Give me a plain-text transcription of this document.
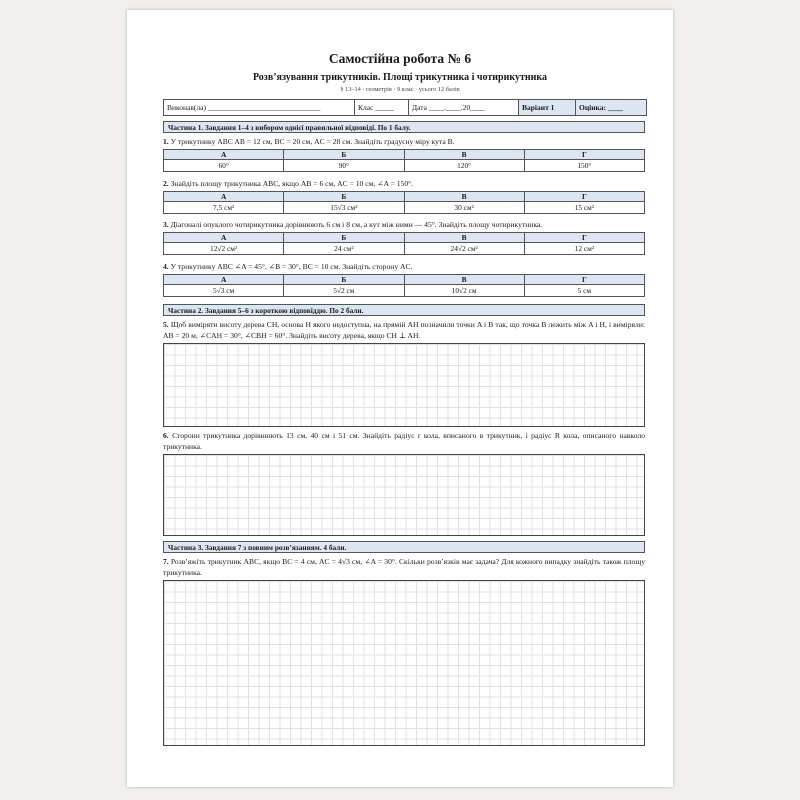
Самостійна робота № 6
Розв’язування трикутників. Площі трикутника і чотирикутника
§ 13–14 · геометрія · 9 клас · усього 12 балів
Виконав(ла) ______________________________	Клас _____	Дата ____.____.20____	Варіант 1	Оцінка: ____
Частина 1. Завдання 1–4 з вибором однієї правильної відповіді. По 1 балу.
1. У трикутнику ABC AB = 12 см, BC = 20 см, AC = 28 см. Знайдіть градусну міру кута B.
А	Б	В	Г
60°	90°	120°	150°
2. Знайдіть площу трикутника ABC, якщо AB = 6 см, AC = 10 см, ∠A = 150°.
А	Б	В	Г
7,5 см²	15√3 см²	30 см²	15 см²
3. Діагоналі опуклого чотирикутника дорівнюють 6 см і 8 см, а кут між ними — 45°. Знайдіть площу чотирикутника.
А	Б	В	Г
12√2 см²	24 см²	24√2 см²	12 см²
4. У трикутнику ABC ∠A = 45°, ∠B = 30°, BC = 10 см. Знайдіть сторону AC.
А	Б	В	Г
5√3 см	5√2 см	10√2 см	5 см
Частина 2. Завдання 5–6 з короткою відповіддю. По 2 бали.
5. Щоб виміряти висоту дерева CH, основа H якого недоступна, на прямій AH позначили точки A і B так, що точка B лежить між A і H, і виміряли: AB = 20 м, ∠CAH = 30°, ∠CBH = 60°. Знайдіть висоту дерева, якщо CH ⊥ AH.
6. Сторони трикутника дорівнюють 13 см, 40 см і 51 см. Знайдіть радіус r кола, вписаного в трикутник, і радіус R кола, описаного навколо трикутника.
Частина 3. Завдання 7 з повним розв’язанням. 4 бали.
7. Розв’яжіть трикутник ABC, якщо BC = 4 см, AC = 4√3 см, ∠A = 30°. Скільки розв’язків має задача? Для кожного випадку знайдіть також площу трикутника.
